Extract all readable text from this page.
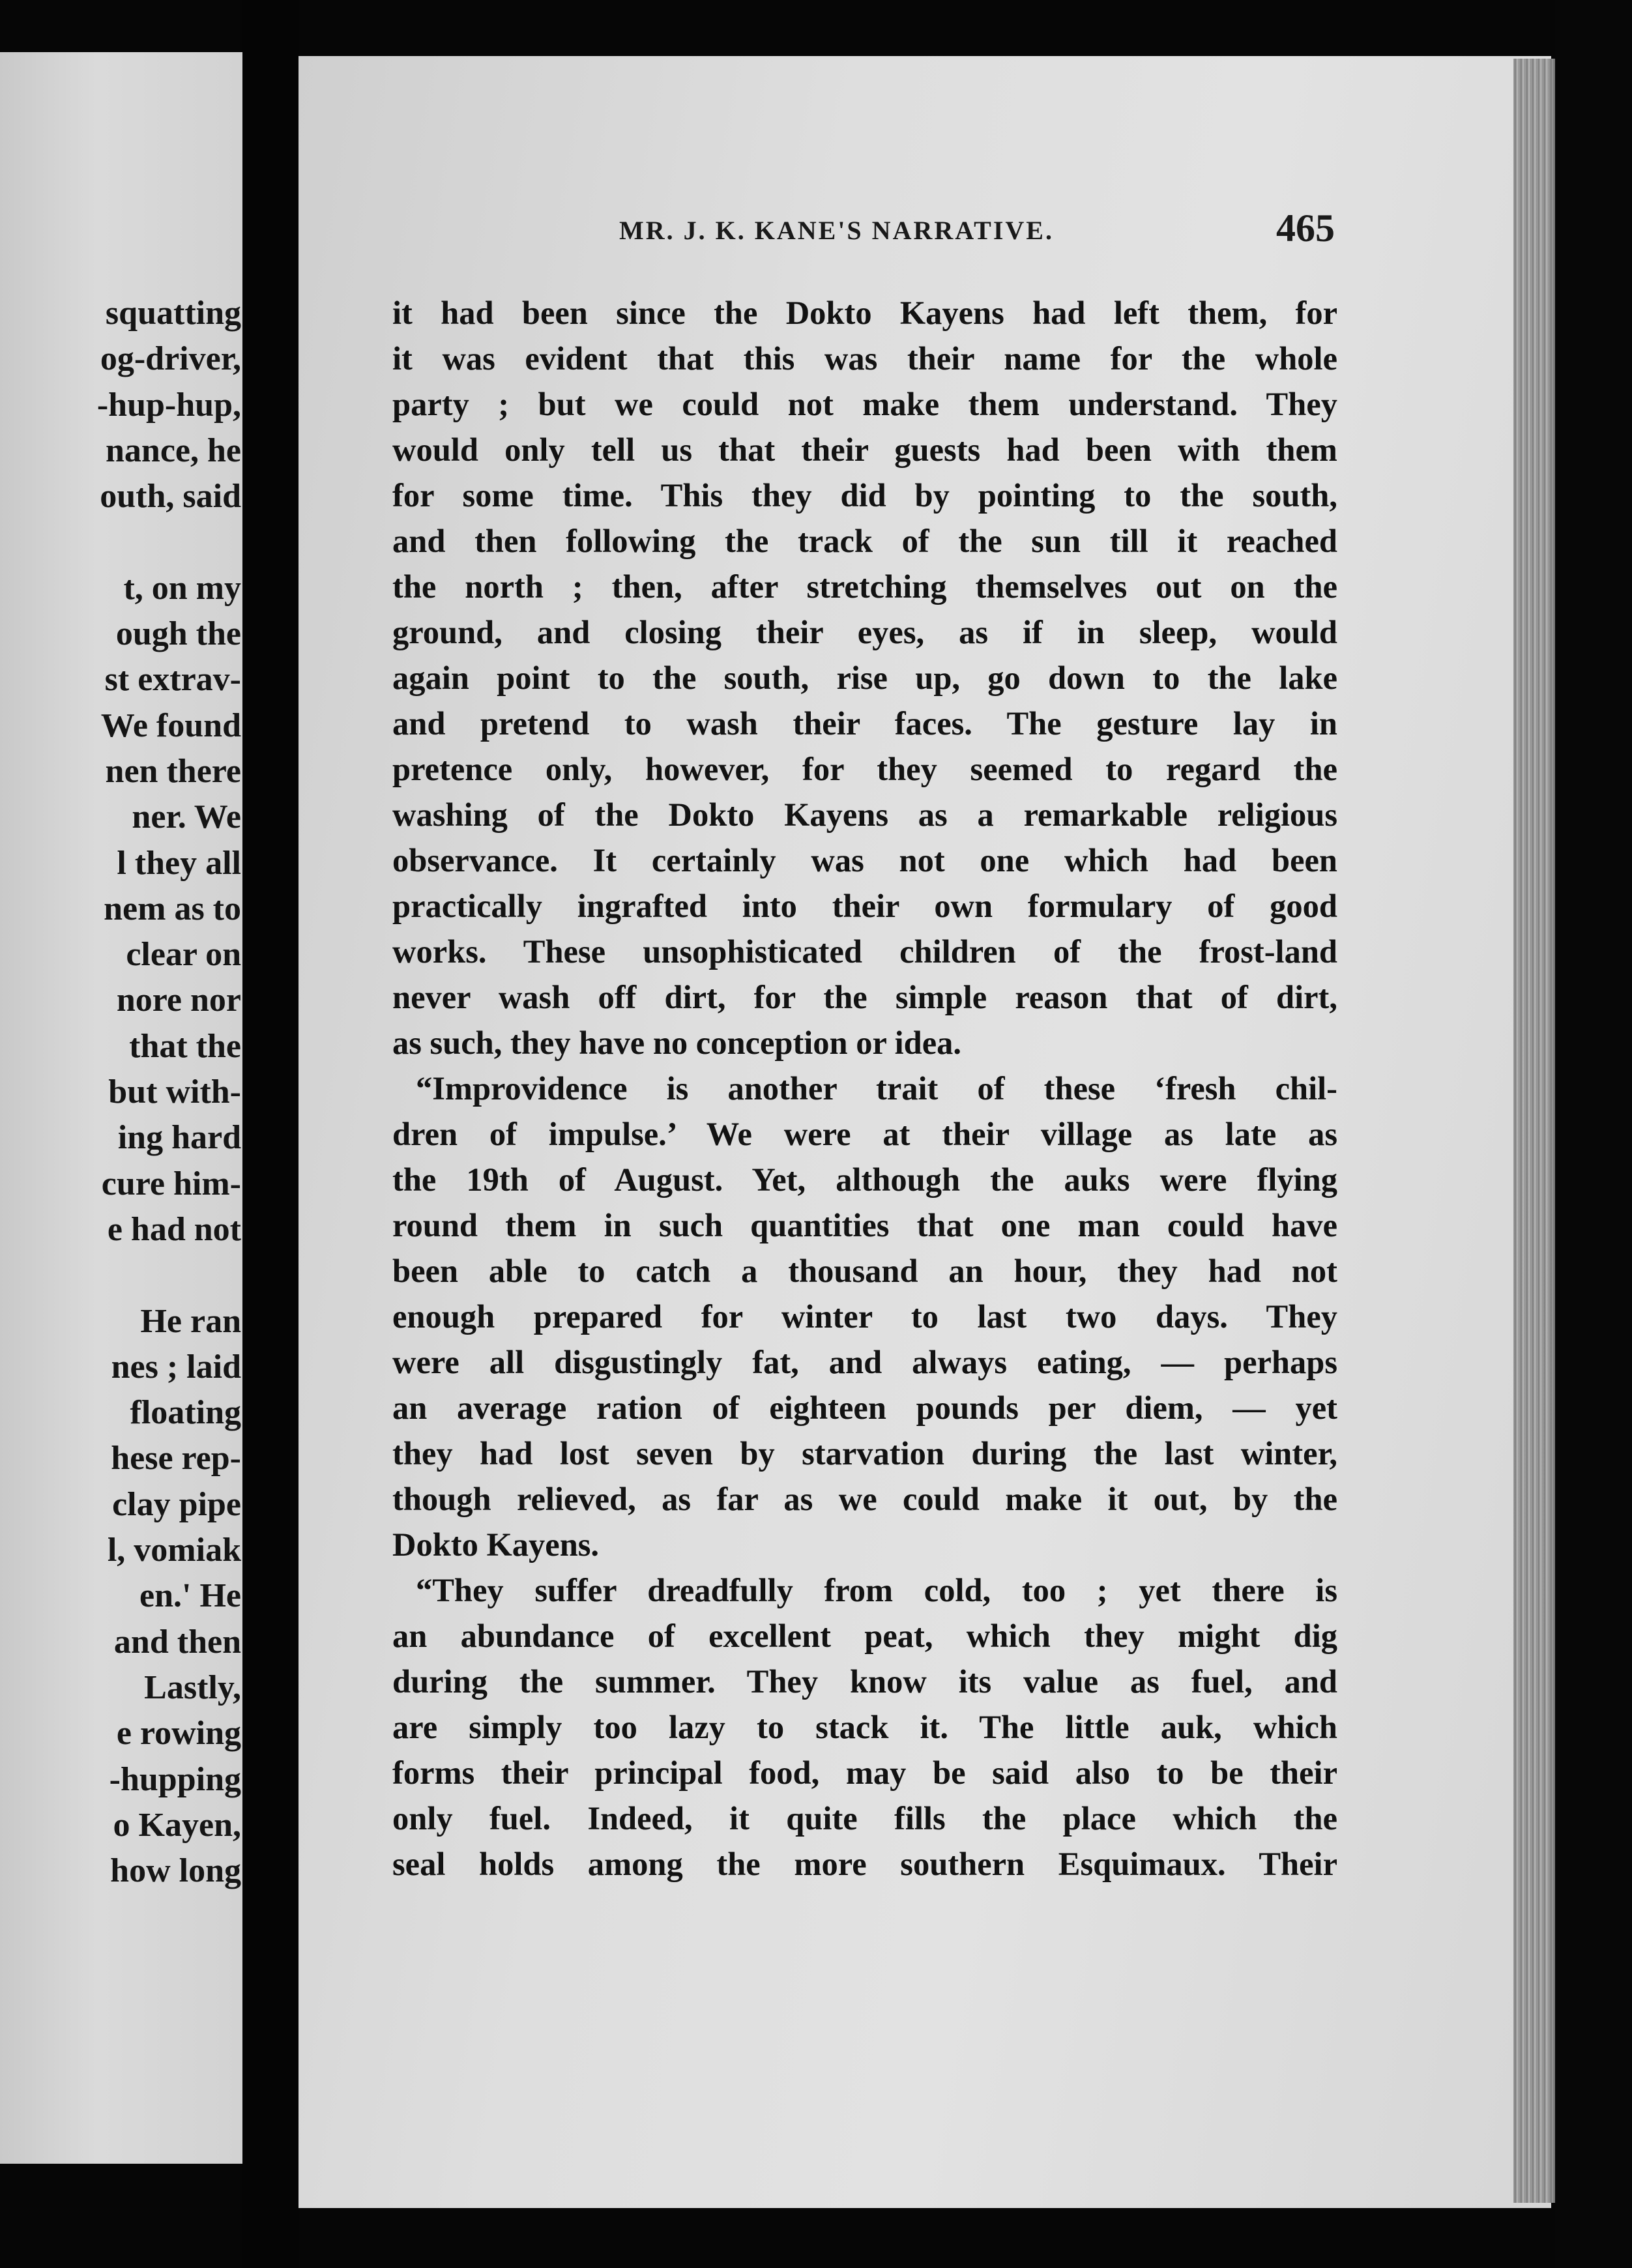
squatting
og-driver,
-hup-hup,
nance, he
outh, said
t, on my
ough the
st extrav-
We found
nen there
ner. We
l they all
nem as to
clear on
nore nor
that the
but with-
ing hard
cure him-
e had not
He ran
nes ; laid
floating
hese rep-
clay pipe
l, vomiak
en.' He
and then
Lastly,
e rowing
-hupping
o Kayen,
how long
MR. J. K. KANE'S NARRATIVE.	465
it had been since the Dokto Kayens had left them, for
it was evident that this was their name for the whole
party ; but we could not make them understand. They
would only tell us that their guests had been with them
for some time. This they did by pointing to the south,
and then following the track of the sun till it reached
the north ; then, after stretching themselves out on the
ground, and closing their eyes, as if in sleep, would
again point to the south, rise up, go down to the lake
and pretend to wash their faces. The gesture lay in
pretence only, however, for they seemed to regard the
washing of the Dokto Kayens as a remarkable religious
observance. It certainly was not one which had been
practically ingrafted into their own formulary of good
works. These unsophisticated children of the frost-land
never wash off dirt, for the simple reason that of dirt,
as such, they have no conception or idea.
“Improvidence is another trait of these ‘fresh chil-
dren of impulse.’ We were at their village as late as
the 19th of August. Yet, although the auks were flying
round them in such quantities that one man could have
been able to catch a thousand an hour, they had not
enough prepared for winter to last two days. They
were all disgustingly fat, and always eating, — perhaps
an average ration of eighteen pounds per diem, — yet
they had lost seven by starvation during the last winter,
though relieved, as far as we could make it out, by the
Dokto Kayens.
“They suffer dreadfully from cold, too ; yet there is
an abundance of excellent peat, which they might dig
during the summer. They know its value as fuel, and
are simply too lazy to stack it. The little auk, which
forms their principal food, may be said also to be their
only fuel. Indeed, it quite fills the place which the
seal holds among the more southern Esquimaux. Their
